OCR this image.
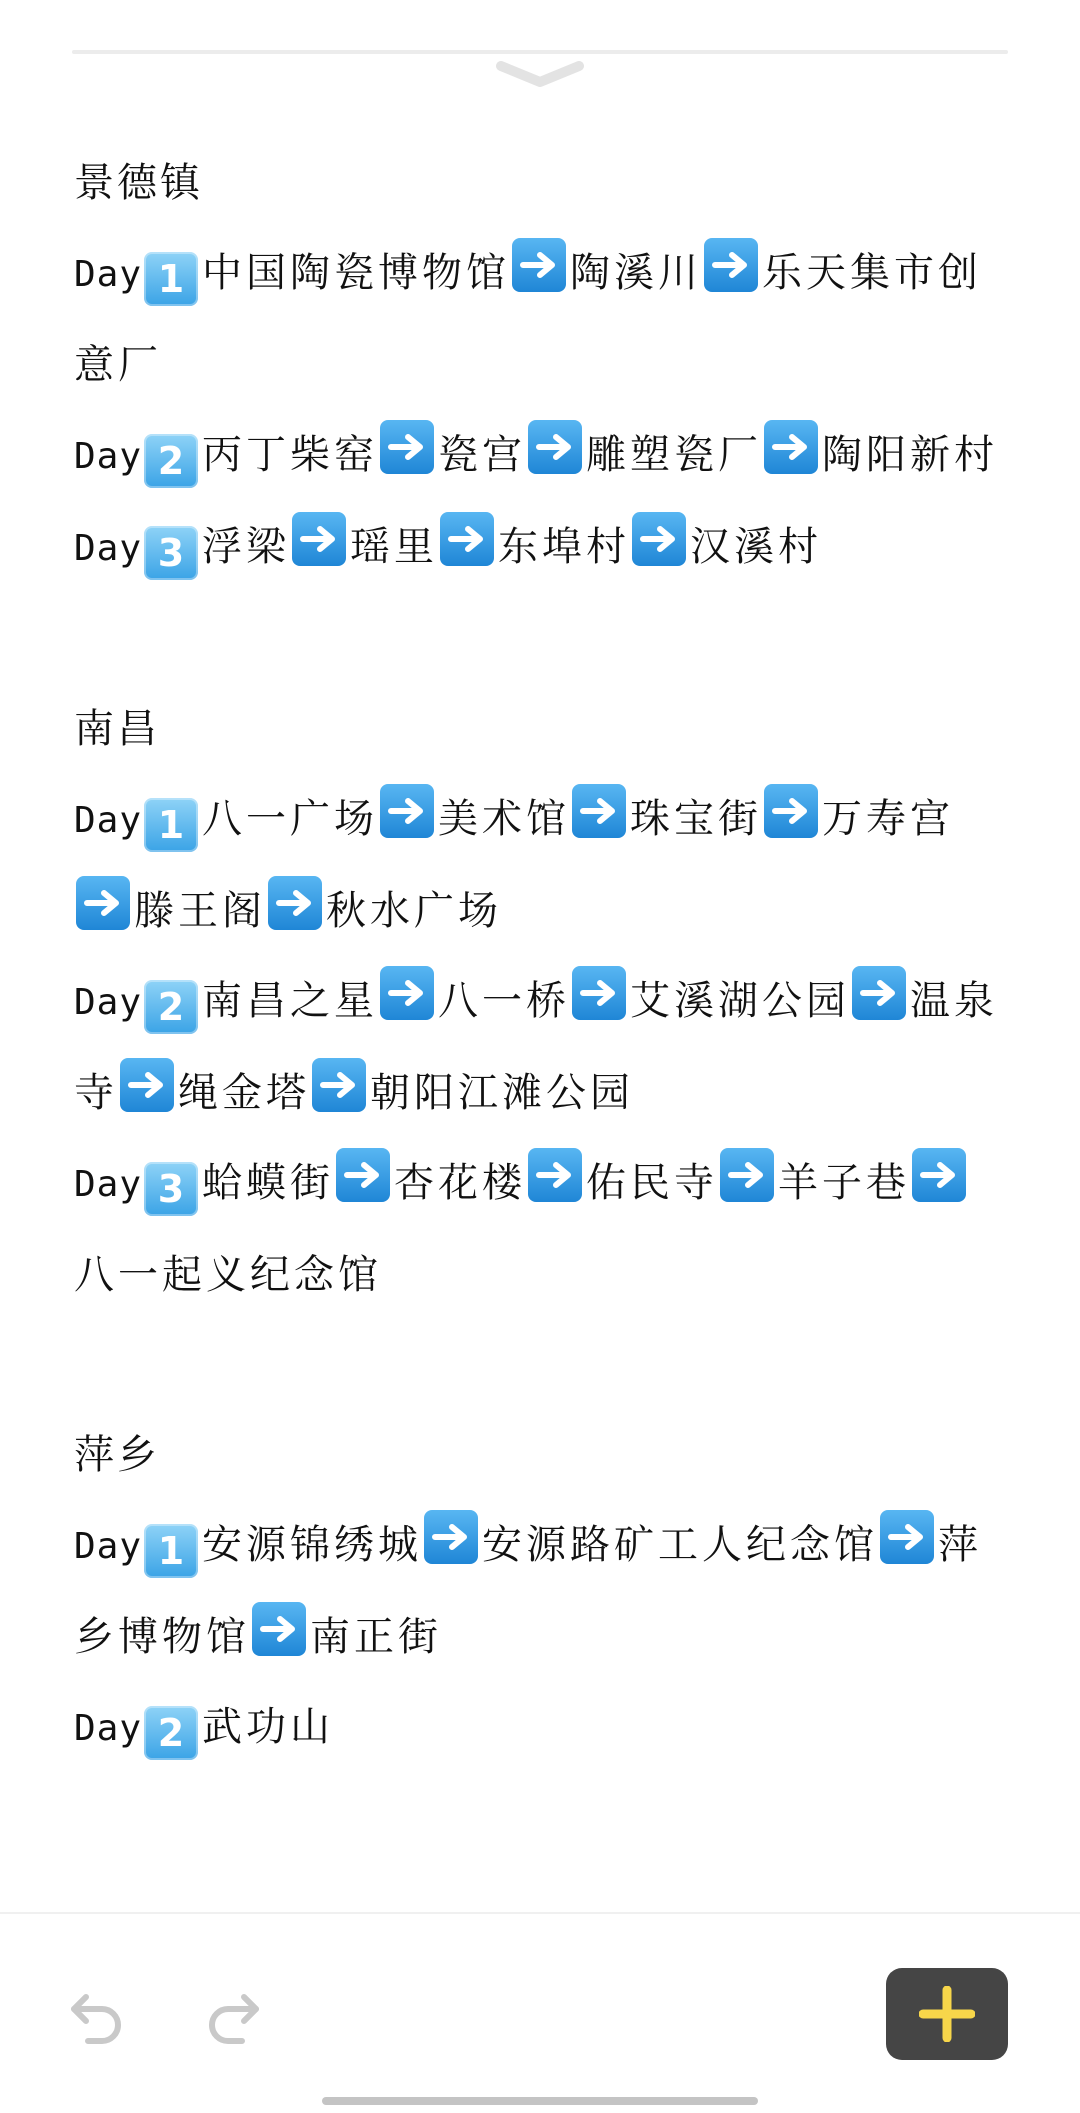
景德镇
Day 1 中国陶瓷博物馆 陶溪川 乐天集市创意厂
Day 2 丙丁柴窑 瓷宫 雕塑瓷厂 陶阳新村
Day 3 浮梁 瑶里 东埠村 汉溪村
南昌
Day 1 八一广场 美术馆 珠宝街 万寿宫
滕王阁 秋水广场
Day 2 南昌之星 八一桥 艾溪湖公园 温泉寺 绳金塔 朝阳江滩公园
Day 3 蛤蟆街 杏花楼 佑民寺 羊子巷
八一起义纪念馆
萍乡
Day 1 安源锦绣城 安源路矿工人纪念馆 萍乡博物馆 南正街
Day 2 武功山
